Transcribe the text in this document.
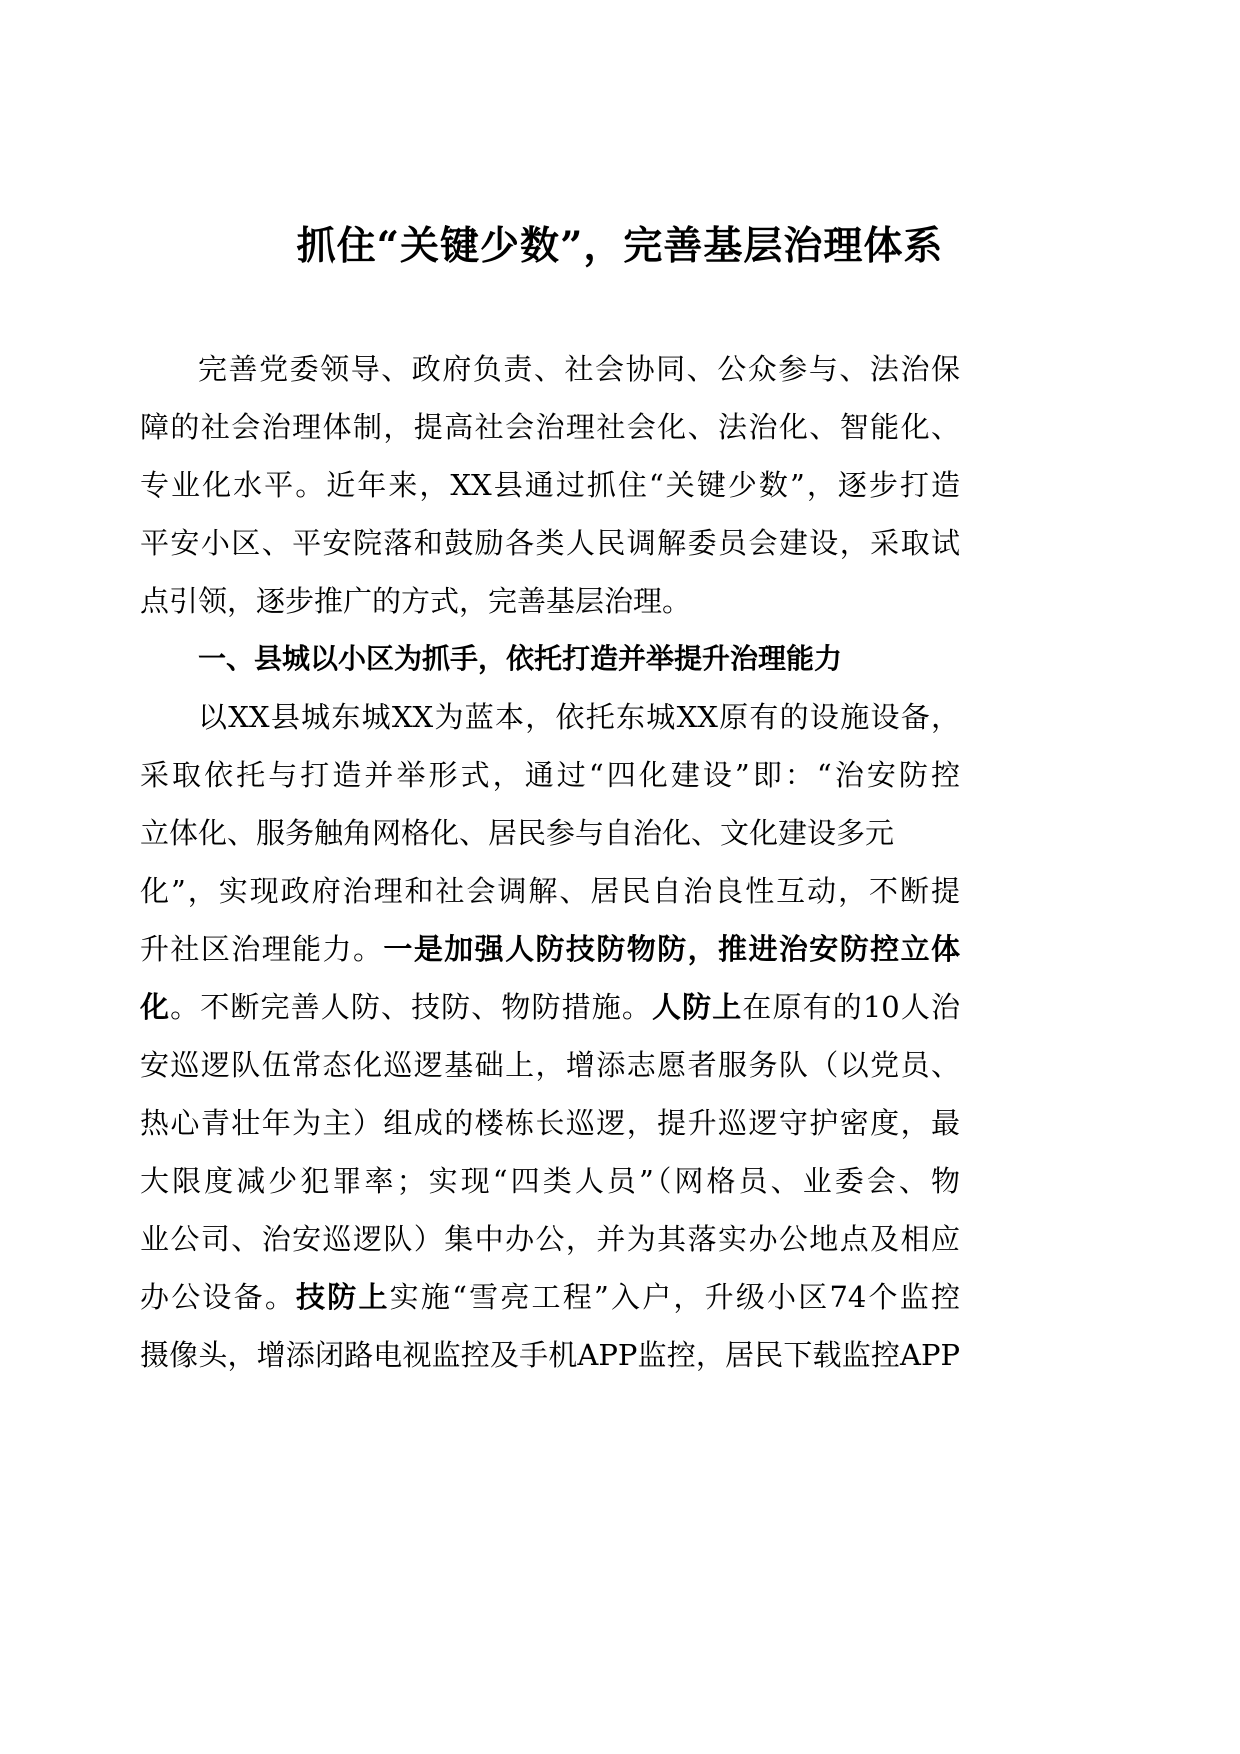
抓住“关键少数”，完善基层治理体系
完善党委领导、政府负责、社会协同、公众参与、法治保
障的社会治理体制，提高社会治理社会化、法治化、智能化、
专业化水平。近年来，XX县通过抓住“关键少数”，逐步打造
平安小区、平安院落和鼓励各类人民调解委员会建设，采取试
点引领，逐步推广的方式，完善基层治理。
一、县城以小区为抓手，依托打造并举提升治理能力
以XX县城东城XX为蓝本，依托东城XX原有的设施设备，
采取依托与打造并举形式，通过“四化建设”即：“治安防控
立体化、服务触角网格化、居民参与自治化、文化建设多元
化”，实现政府治理和社会调解、居民自治良性互动，不断提
升社区治理能力。一是加强人防技防物防，推进治安防控立体
化。不断完善人防、技防、物防措施。人防上在原有的10人治
安巡逻队伍常态化巡逻基础上，增添志愿者服务队（以党员、
热心青壮年为主）组成的楼栋长巡逻，提升巡逻守护密度，最
大限度减少犯罪率；实现“四类人员”（网格员、业委会、物
业公司、治安巡逻队）集中办公，并为其落实办公地点及相应
办公设备。技防上实施“雪亮工程”入户，升级小区74个监控
摄像头，增添闭路电视监控及手机APP监控，居民下载监控APP
